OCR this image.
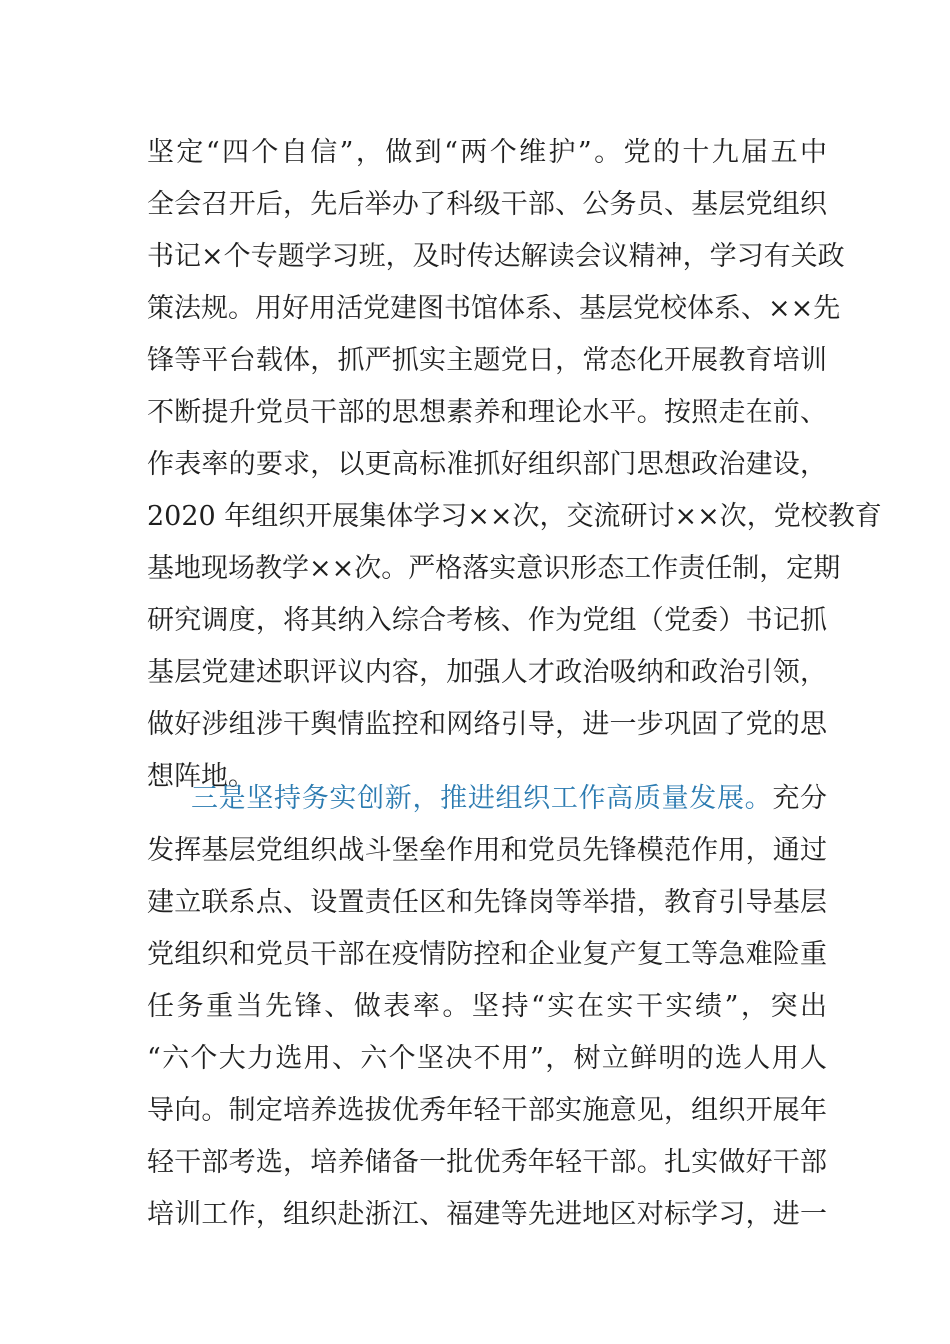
坚定“四个自信”，做到“两个维护”。党的十九届五中
全会召开后，先后举办了科级干部、公务员、基层党组织
书记×个专题学习班，及时传达解读会议精神，学习有关政
策法规。用好用活党建图书馆体系、基层党校体系、××先
锋等平台载体，抓严抓实主题党日，常态化开展教育培训
不断提升党员干部的思想素养和理论水平。按照走在前、
作表率的要求，以更高标准抓好组织部门思想政治建设，
2020 年组织开展集体学习××次，交流研讨××次，党校教育
基地现场教学××次。严格落实意识形态工作责任制，定期
研究调度，将其纳入综合考核、作为党组（党委）书记抓
基层党建述职评议内容，加强人才政治吸纳和政治引领，
做好涉组涉干舆情监控和网络引导，进一步巩固了党的思
想阵地。
三是坚持务实创新，推进组织工作高质量发展。充分
发挥基层党组织战斗堡垒作用和党员先锋模范作用，通过
建立联系点、设置责任区和先锋岗等举措，教育引导基层
党组织和党员干部在疫情防控和企业复产复工等急难险重
任务重当先锋、做表率。坚持“实在实干实绩”，突出
“六个大力选用、六个坚决不用”，树立鲜明的选人用人
导向。制定培养选拔优秀年轻干部实施意见，组织开展年
轻干部考选，培养储备一批优秀年轻干部。扎实做好干部
培训工作，组织赴浙江、福建等先进地区对标学习，进一
